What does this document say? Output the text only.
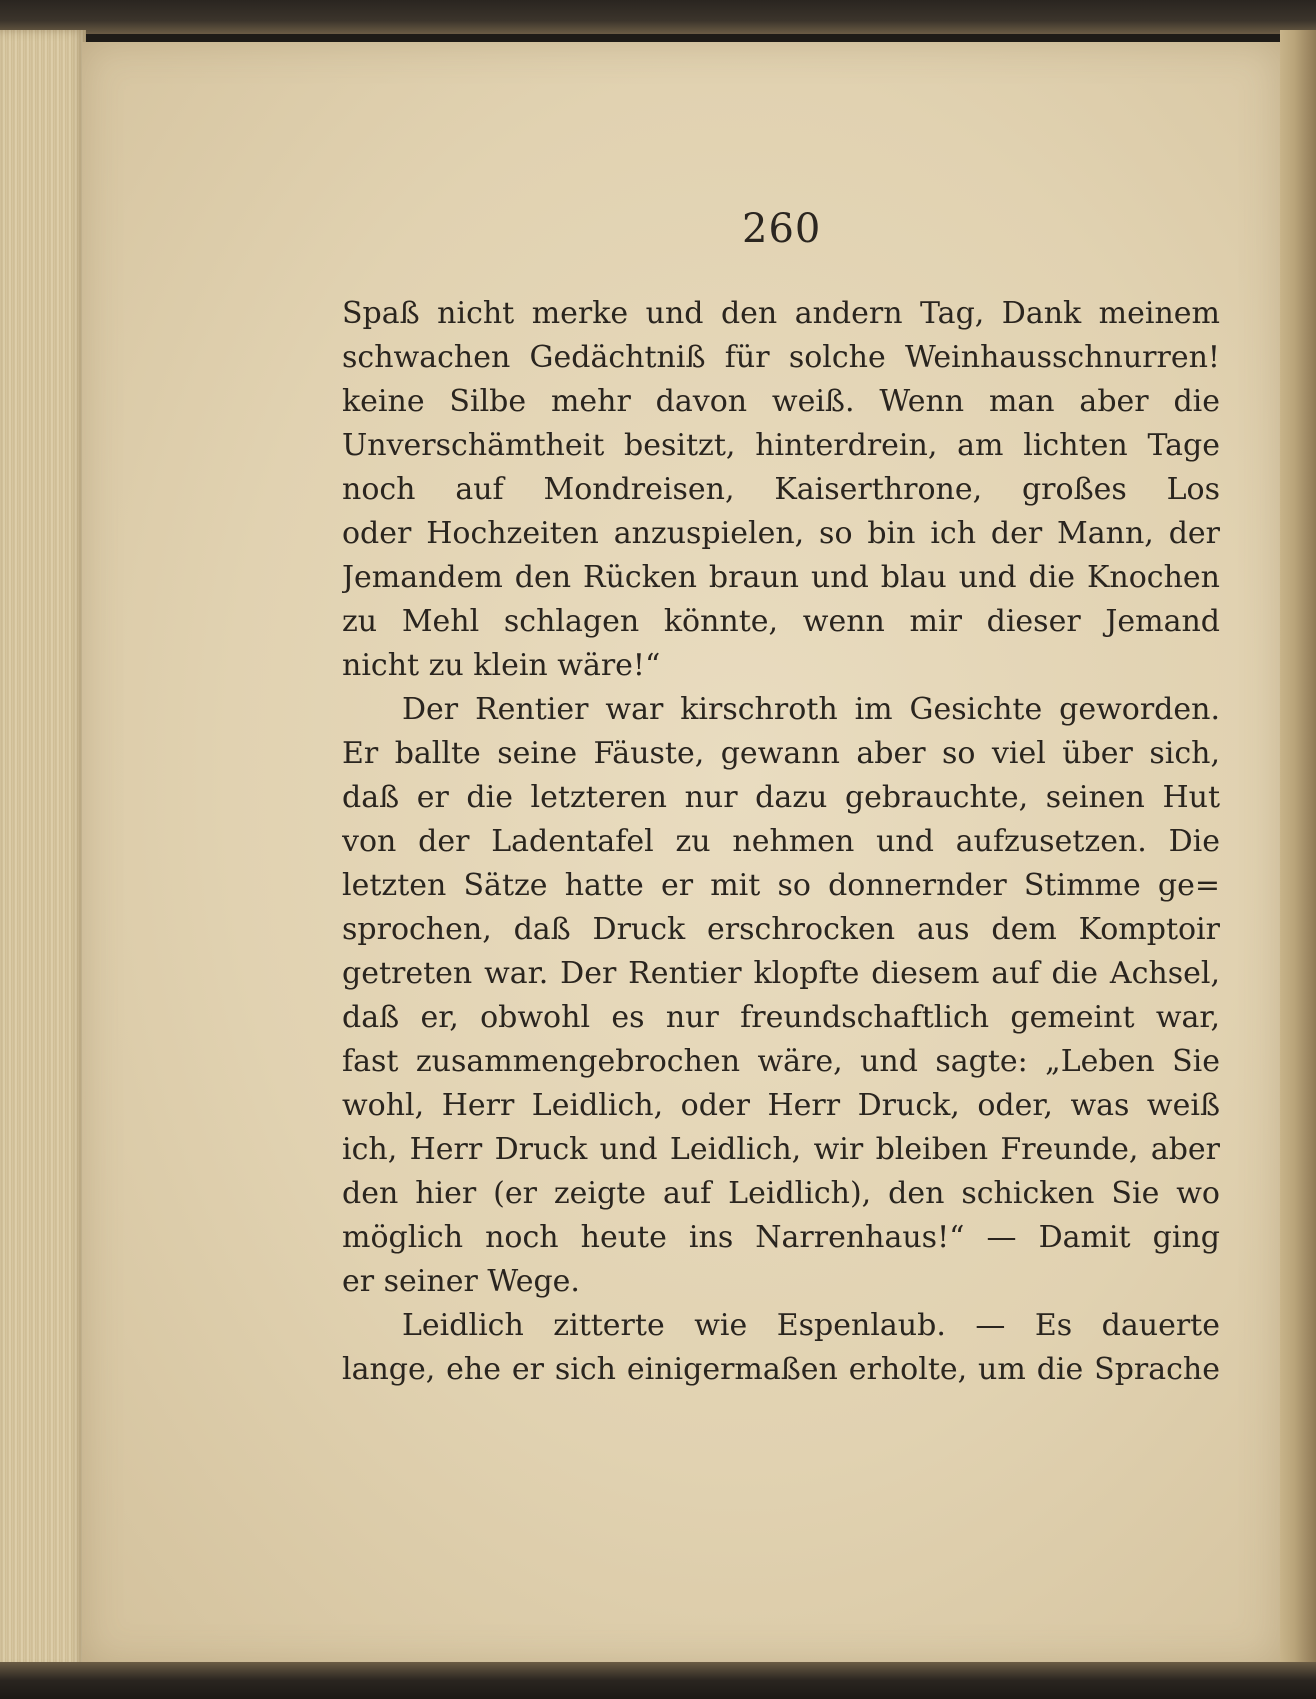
260
Spaß nicht merke und den andern Tag, Dank meinem
schwachen Gedächtniß für solche Weinhausschnurren!
keine Silbe mehr davon weiß. Wenn man aber die
Unverschämtheit besitzt, hinterdrein, am lichten Tage
noch auf Mondreisen, Kaiserthrone, großes Los
oder Hochzeiten anzuspielen, so bin ich der Mann, der
Jemandem den Rücken braun und blau und die Knochen
zu Mehl schlagen könnte, wenn mir dieser Jemand
nicht zu klein wäre!“
Der Rentier war kirschroth im Gesichte geworden.
Er ballte seine Fäuste, gewann aber so viel über sich,
daß er die letzteren nur dazu gebrauchte, seinen Hut
von der Ladentafel zu nehmen und aufzusetzen. Die
letzten Sätze hatte er mit so donnernder Stimme ge=
sprochen, daß Druck erschrocken aus dem Komptoir
getreten war. Der Rentier klopfte diesem auf die Achsel,
daß er, obwohl es nur freundschaftlich gemeint war,
fast zusammengebrochen wäre, und sagte: „Leben Sie
wohl, Herr Leidlich, oder Herr Druck, oder, was weiß
ich, Herr Druck und Leidlich, wir bleiben Freunde, aber
den hier (er zeigte auf Leidlich), den schicken Sie wo
möglich noch heute ins Narrenhaus!“ — Damit ging
er seiner Wege.
Leidlich zitterte wie Espenlaub. — Es dauerte
lange, ehe er sich einigermaßen erholte, um die Sprache
